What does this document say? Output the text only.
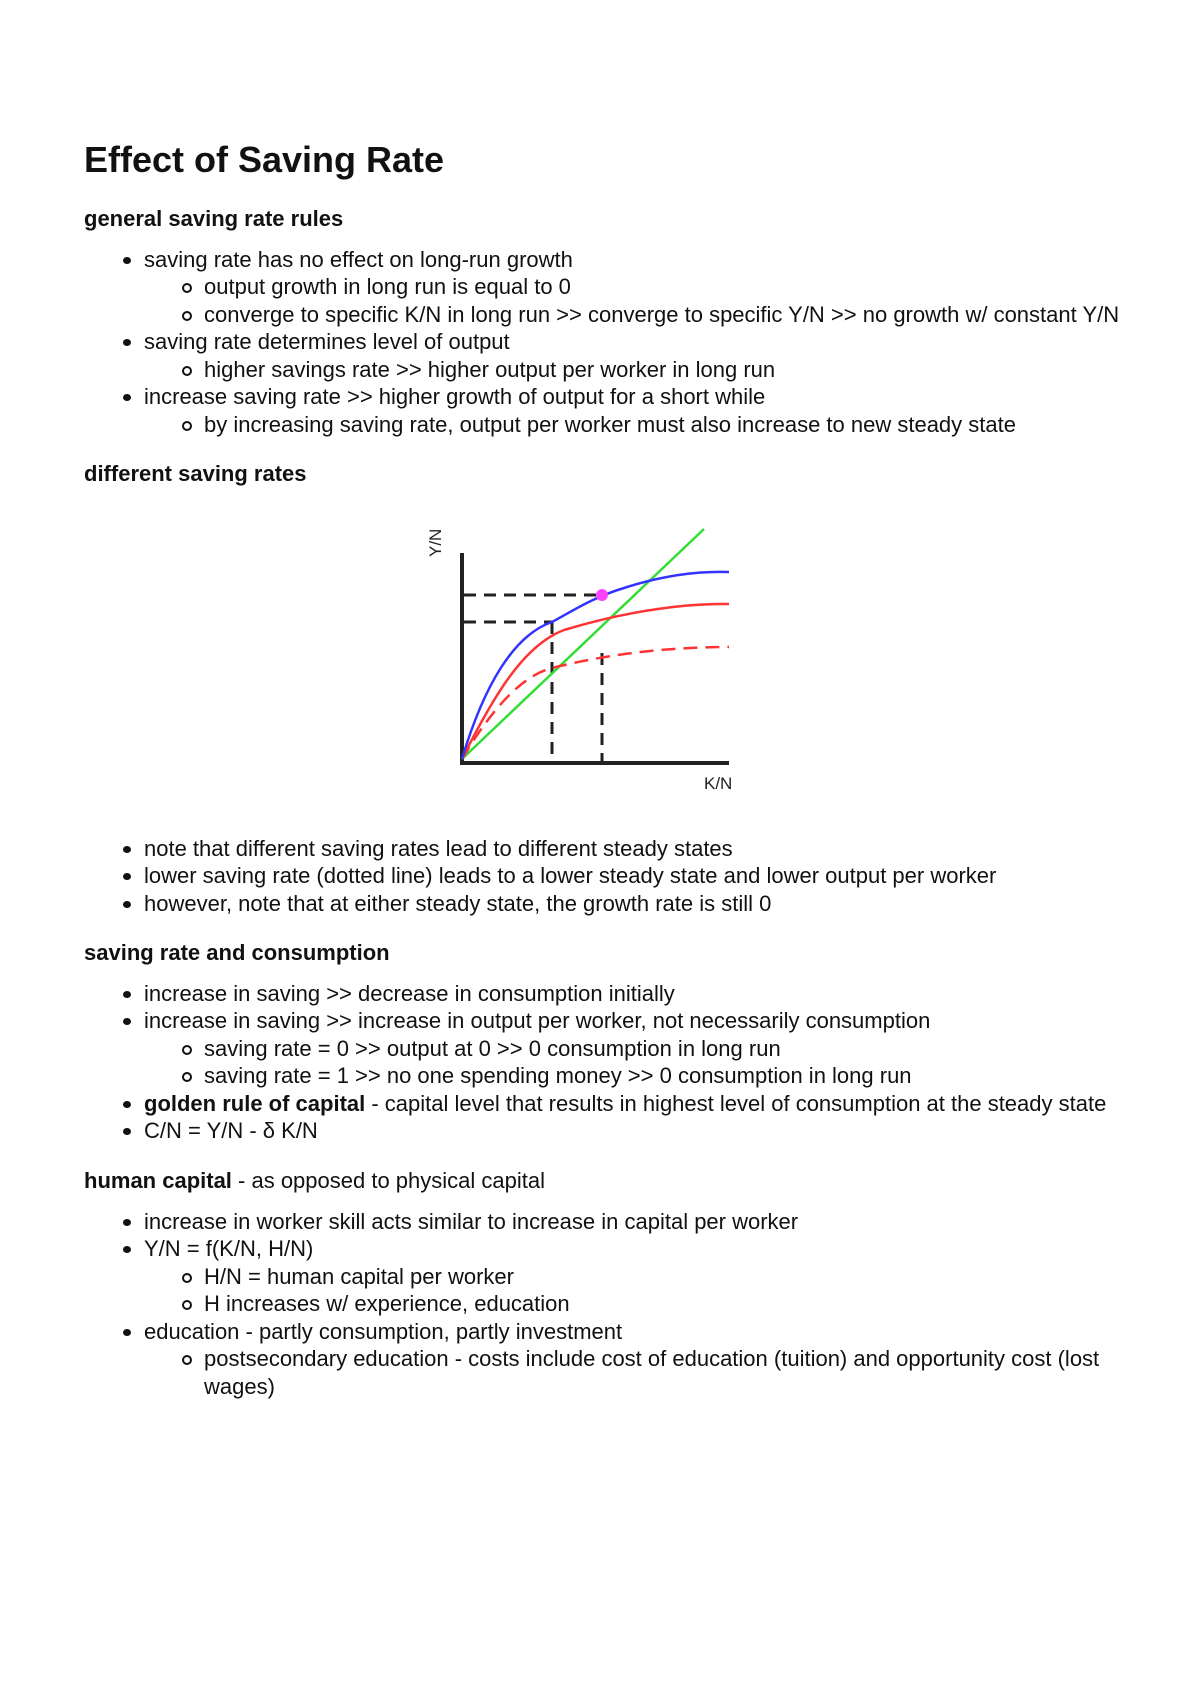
Effect of Saving Rate
general saving rate rules
saving rate has no effect on long-run growth
output growth in long run is equal to 0
converge to specific K/N in long run >> converge to specific Y/N >> no growth w/ constant Y/N
saving rate determines level of output
higher savings rate >> higher output per worker in long run
increase saving rate >> higher growth of output for a short while
by increasing saving rate, output per worker must also increase to new steady state
different saving rates
Y/N
K/N
note that different saving rates lead to different steady states
lower saving rate (dotted line) leads to a lower steady state and lower output per worker
however, note that at either steady state, the growth rate is still 0
saving rate and consumption
increase in saving >> decrease in consumption initially
increase in saving >> increase in output per worker, not necessarily consumption
saving rate = 0 >> output at 0 >> 0 consumption in long run
saving rate = 1 >> no one spending money >> 0 consumption in long run
golden rule of capital - capital level that results in highest level of consumption at the steady state
C/N = Y/N - δ K/N
human capital - as opposed to physical capital
increase in worker skill acts similar to increase in capital per worker
Y/N = f(K/N, H/N)
H/N = human capital per worker
H increases w/ experience, education
education - partly consumption, partly investment
postsecondary education - costs include cost of education (tuition) and opportunity cost (lost wages)
